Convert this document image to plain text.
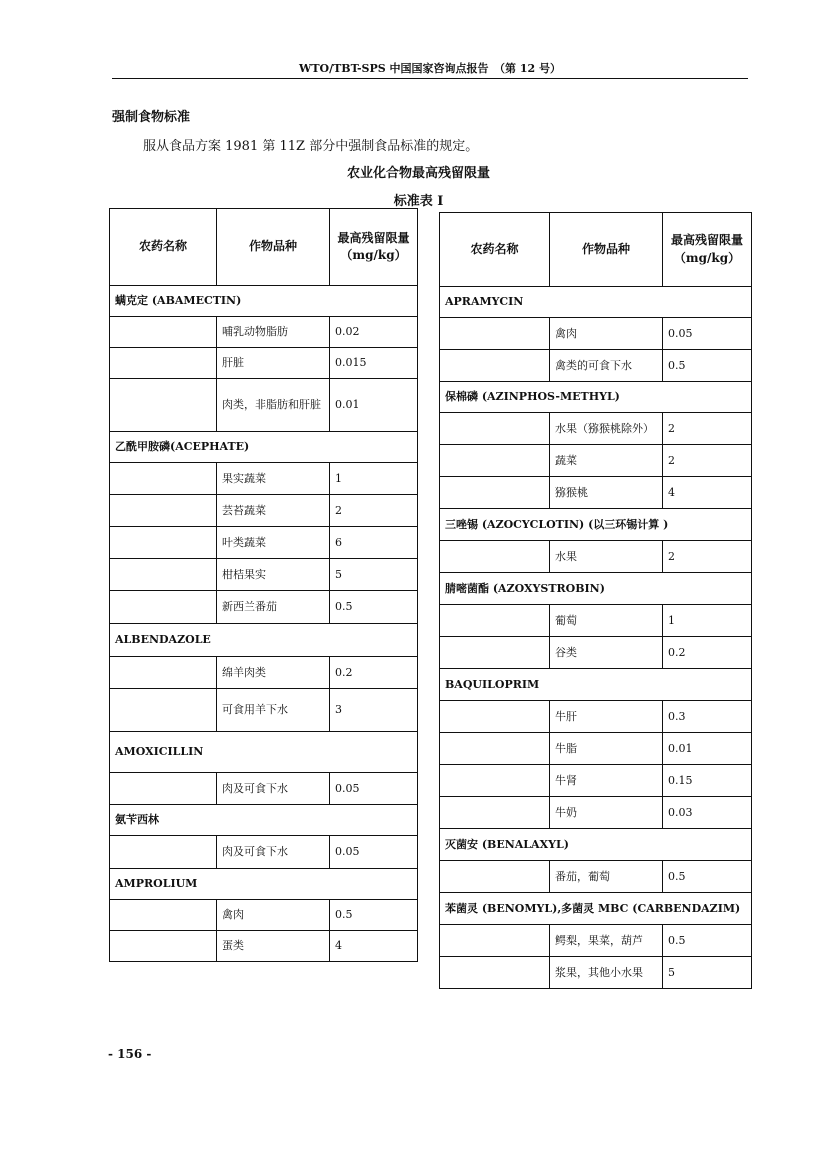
WTO/TBT-SPS 中国国家咨询点报告　（第 12 号）
强制食物标准
服从食品方案 1981 第 11Z 部分中强制食品标准的规定。
农业化合物最高残留限量
标准表 I
农药名称	作物品种	最高残留限量（mg/kg）
螨克定 (ABAMECTIN)		
	哺乳动物脂肪	0.02
	肝脏	0.015
	肉类，非脂肪和肝脏	0.01
乙酰甲胺磷(ACEPHATE)		
	果实蔬菜	1
	芸苔蔬菜	2
	叶类蔬菜	6
	柑桔果实	5
	新西兰番茄	0.5
ALBENDAZOLE		
	绵羊肉类	0.2
	可食用羊下水	3
AMOXICILLIN		
	肉及可食下水	0.05
氨苄西林		
	肉及可食下水	0.05
AMPROLIUM		
	禽肉	0.5
	蛋类	4
农药名称	作物品种	最高残留限量（mg/kg）
APRAMYCIN		
	禽肉	0.05
	禽类的可食下水	0.5
保棉磷 (AZINPHOS-METHYL)		
	水果（猕猴桃除外）	2
	蔬菜	2
	猕猴桃	4
三唑锡 (AZOCYCLOTIN) (以三环锡计算 )		
	水果	2
腈嘧菌酯 (AZOXYSTROBIN)		
	葡萄	1
	谷类	0.2
BAQUILOPRIM		
	牛肝	0.3
	牛脂	0.01
	牛肾	0.15
	牛奶	0.03
灭菌安 (BENALAXYL)		
	番茄，葡萄	0.5
苯菌灵 (BENOMYL),多菌灵 MBC (CARBENDAZIM)		
	鳄梨，果菜，葫芦	0.5
	浆果，其他小水果	5
- 156 -
